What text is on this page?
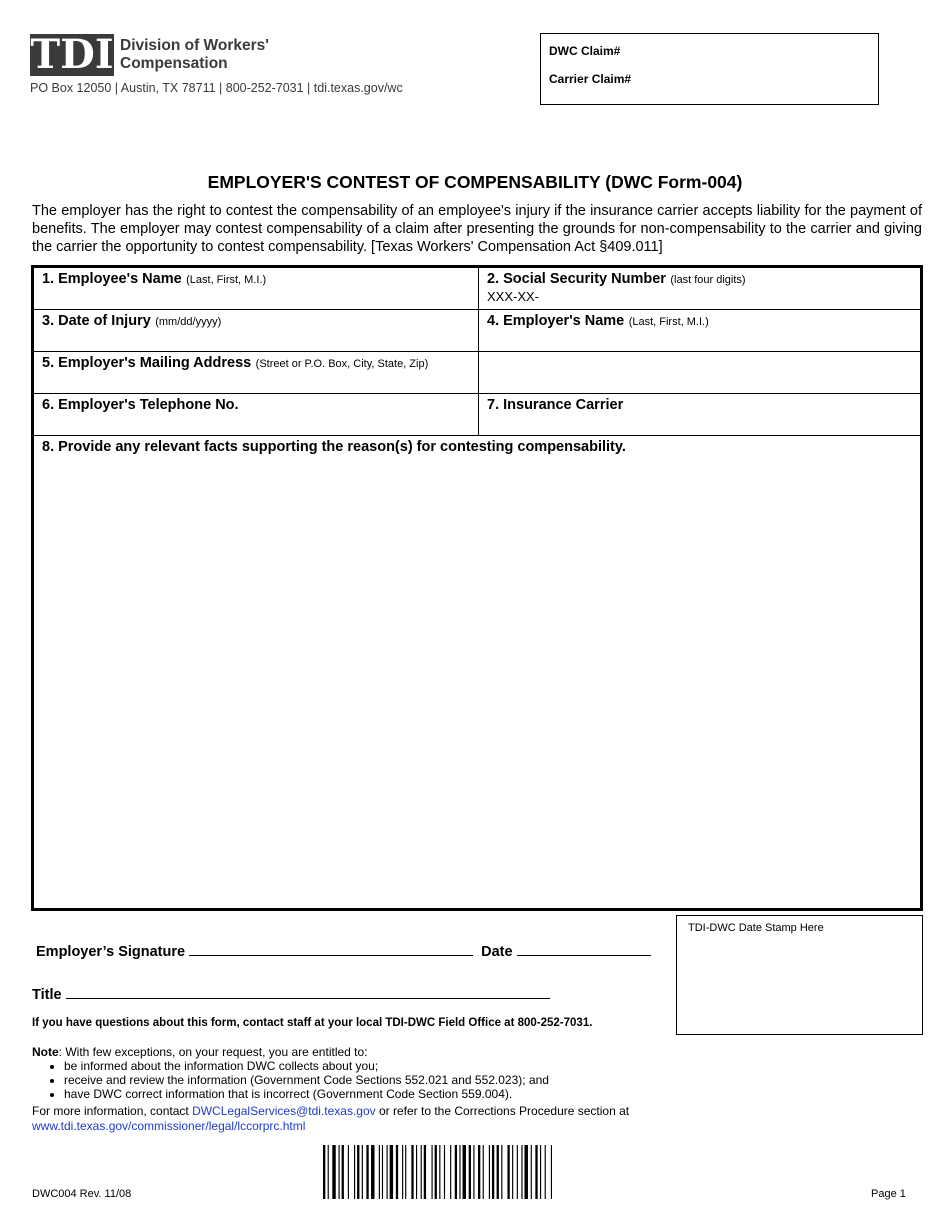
TDI Division of Workers' Compensation
PO Box 12050 | Austin, TX 78711 | 800-252-7031 | tdi.texas.gov/wc
DWC Claim#
Carrier Claim#
EMPLOYER'S CONTEST OF COMPENSABILITY (DWC Form-004)
The employer has the right to contest the compensability of an employee's injury if the insurance carrier accepts liability for the payment of benefits. The employer may contest compensability of a claim after presenting the grounds for non-compensability to the carrier and giving the carrier the opportunity to contest compensability. [Texas Workers' Compensation Act §409.011]
1. Employee's Name (Last, First, M.I.)	2. Social Security Number (last four digits)
XXX-XX-
3. Date of Injury (mm/dd/yyyy)	4. Employer's Name (Last, First, M.I.)
5. Employer's Mailing Address (Street or P.O. Box, City, State, Zip)
6. Employer's Telephone No.	7. Insurance Carrier
8. Provide any relevant facts supporting the reason(s) for contesting compensability.
Employer’s Signature	Date
Title
TDI-DWC Date Stamp Here
If you have questions about this form, contact staff at your local TDI-DWC Field Office at 800-252-7031.
Note: With few exceptions, on your request, you are entitled to:
• be informed about the information DWC collects about you;
• receive and review the information (Government Code Sections 552.021 and 552.023); and
• have DWC correct information that is incorrect (Government Code Section 559.004).
For more information, contact DWCLegalServices@tdi.texas.gov or refer to the Corrections Procedure section at
www.tdi.texas.gov/commissioner/legal/lccorprc.html
DWC004 Rev. 11/08	Page 1
